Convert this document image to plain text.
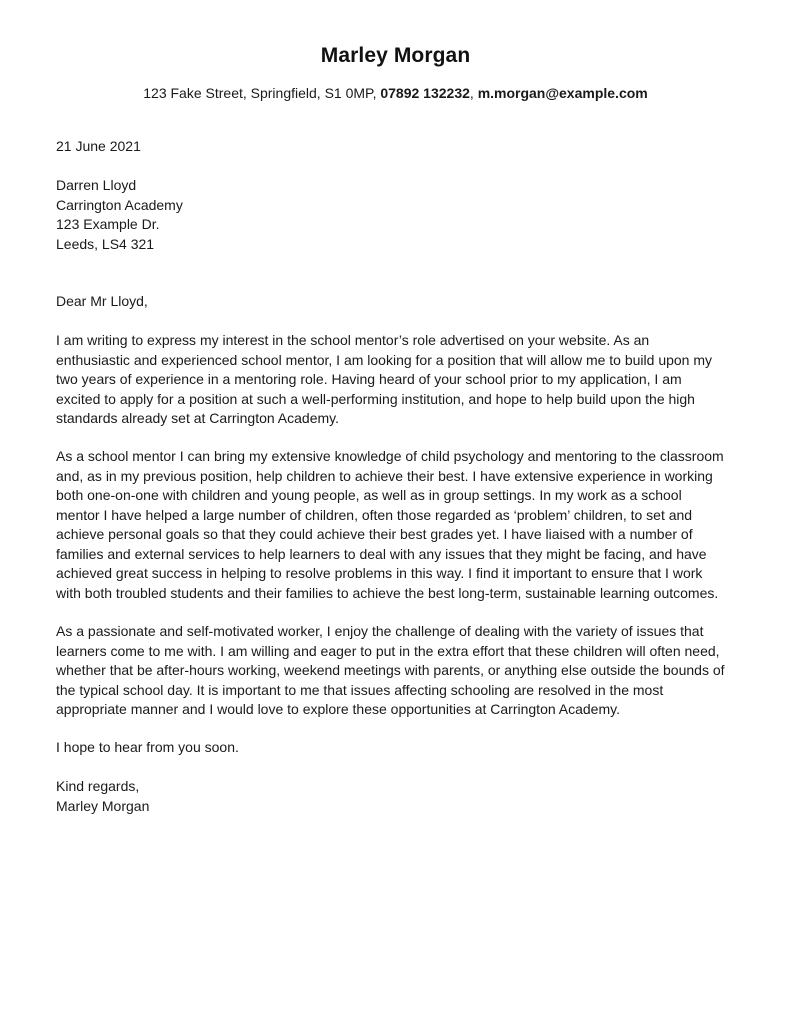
Marley Morgan
123 Fake Street, Springfield, S1 0MP, 07892 132232, m.morgan@example.com
21 June 2021
Darren Lloyd
Carrington Academy
123 Example Dr.
Leeds, LS4 321
Dear Mr Lloyd,
I am writing to express my interest in the school mentor’s role advertised on your website. As an
enthusiastic and experienced school mentor, I am looking for a position that will allow me to build upon my
two years of experience in a mentoring role. Having heard of your school prior to my application, I am
excited to apply for a position at such a well-performing institution, and hope to help build upon the high
standards already set at Carrington Academy.
As a school mentor I can bring my extensive knowledge of child psychology and mentoring to the classroom
and, as in my previous position, help children to achieve their best. I have extensive experience in working
both one-on-one with children and young people, as well as in group settings. In my work as a school
mentor I have helped a large number of children, often those regarded as ‘problem’ children, to set and
achieve personal goals so that they could achieve their best grades yet. I have liaised with a number of
families and external services to help learners to deal with any issues that they might be facing, and have
achieved great success in helping to resolve problems in this way. I find it important to ensure that I work
with both troubled students and their families to achieve the best long-term, sustainable learning outcomes.
As a passionate and self-motivated worker, I enjoy the challenge of dealing with the variety of issues that
learners come to me with. I am willing and eager to put in the extra effort that these children will often need,
whether that be after-hours working, weekend meetings with parents, or anything else outside the bounds of
the typical school day. It is important to me that issues affecting schooling are resolved in the most
appropriate manner and I would love to explore these opportunities at Carrington Academy.
I hope to hear from you soon.
Kind regards,
Marley Morgan
